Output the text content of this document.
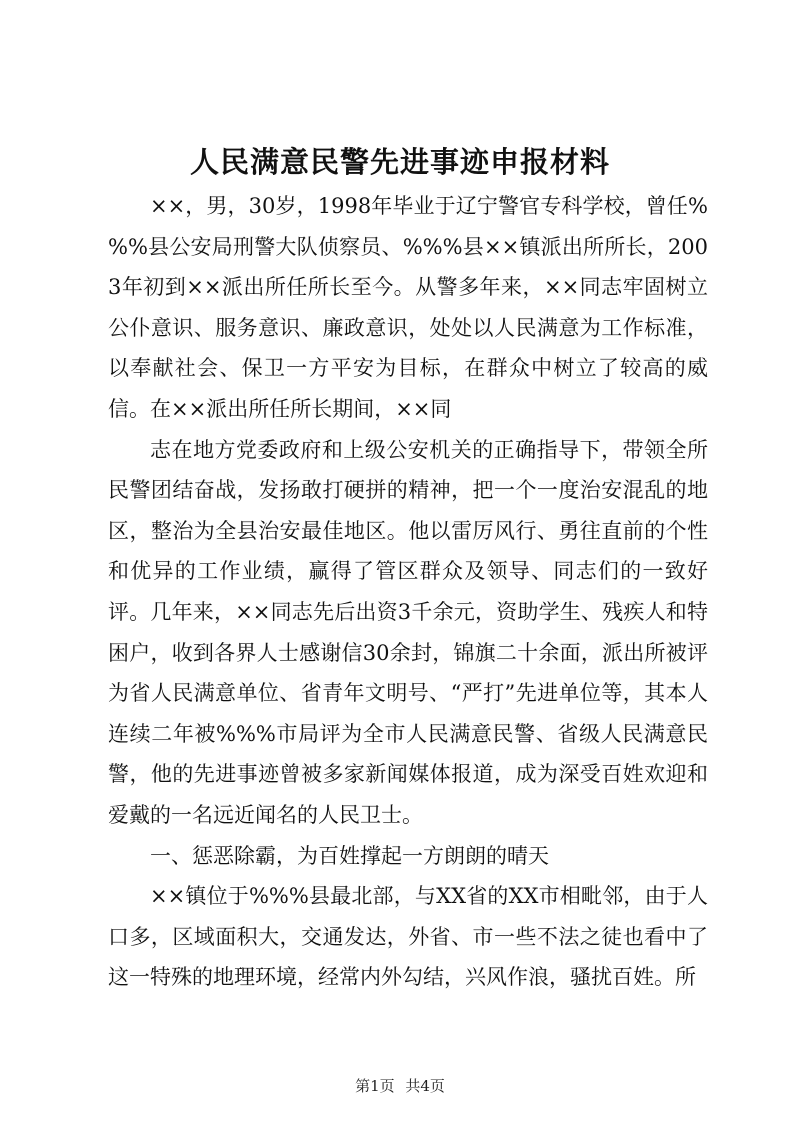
人民满意民警先进事迹申报材料

××，男，30岁，1998年毕业于辽宁警官专科学校，曾任%%%县公安局刑警大队侦察员、%%%县××镇派出所所长，2003年初到××派出所任所长至今。从警多年来，××同志牢固树立公仆意识、服务意识、廉政意识，处处以人民满意为工作标准，以奉献社会、保卫一方平安为目标，在群众中树立了较高的威信。在××派出所任所长期间，××同

志在地方党委政府和上级公安机关的正确指导下，带领全所民警团结奋战，发扬敢打硬拼的精神，把一个一度治安混乱的地区，整治为全县治安最佳地区。他以雷厉风行、勇往直前的个性和优异的工作业绩，赢得了管区群众及领导、同志们的一致好评。几年来，××同志先后出资3千余元，资助学生、残疾人和特困户，收到各界人士感谢信30余封，锦旗二十余面，派出所被评为省人民满意单位、省青年文明号、“严打”先进单位等，其本人连续二年被%%%市局评为全市人民满意民警、省级人民满意民警，他的先进事迹曾被多家新闻媒体报道，成为深受百姓欢迎和爱戴的一名远近闻名的人民卫士。

一、惩恶除霸，为百姓撑起一方朗朗的晴天

××镇位于%%%县最北部，与XX省的XX市相毗邻，由于人口多，区域面积大，交通发达，外省、市一些不法之徒也看中了这一特殊的地理环境，经常内外勾结，兴风作浪，骚扰百姓。所

第1页 共4页
